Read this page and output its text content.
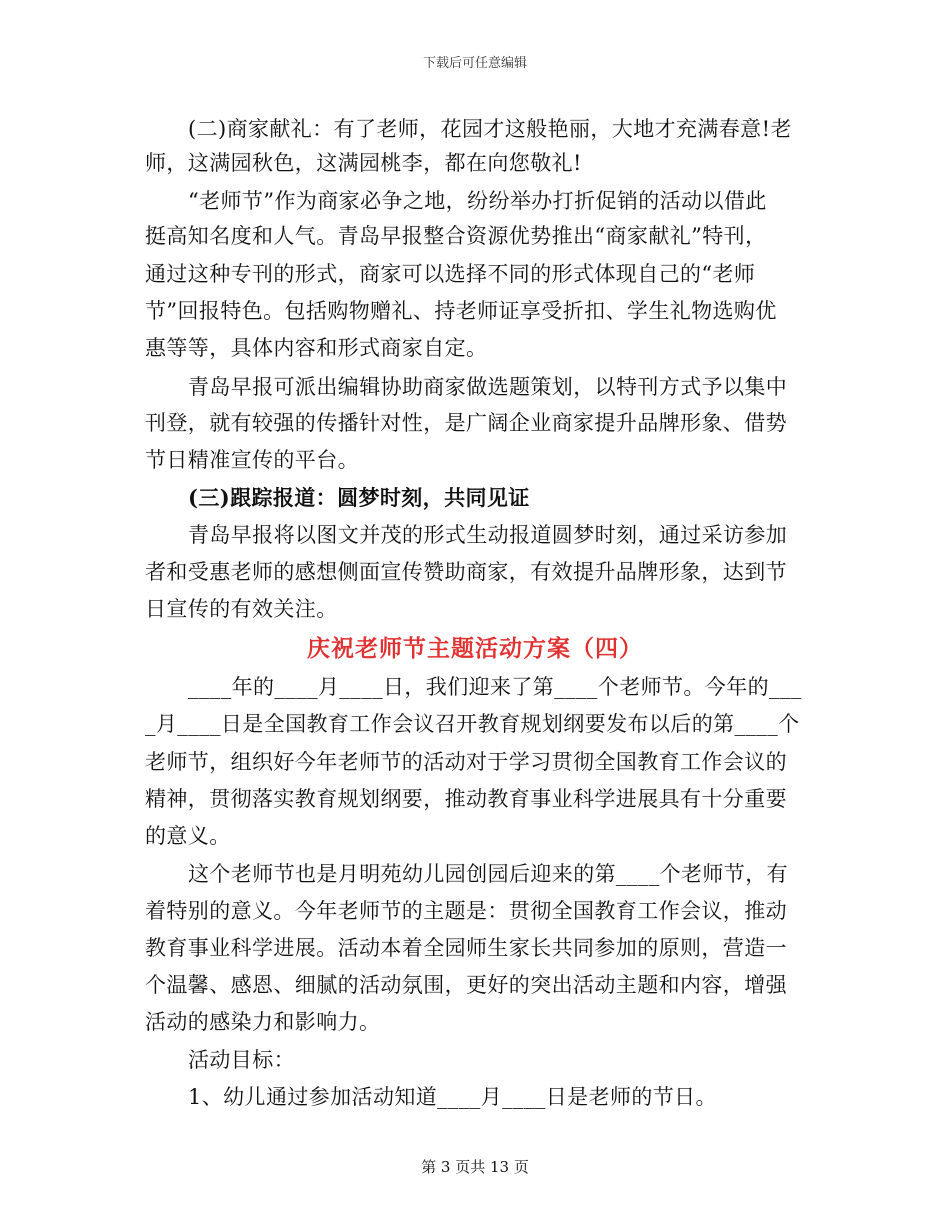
下载后可任意编辑
(二)商家献礼：有了老师，花园才这般艳丽，大地才充满春意!老
师，这满园秋色，这满园桃李，都在向您敬礼!
“老师节”作为商家必争之地，纷纷举办打折促销的活动以借此
挺高知名度和人气。青岛早报整合资源优势推出“商家献礼”特刊，
通过这种专刊的形式，商家可以选择不同的形式体现自己的“老师
节”回报特色。包括购物赠礼、持老师证享受折扣、学生礼物选购优
惠等等，具体内容和形式商家自定。
青岛早报可派出编辑协助商家做选题策划，以特刊方式予以集中
刊登，就有较强的传播针对性，是广阔企业商家提升品牌形象、借势
节日精准宣传的平台。
(三)跟踪报道：圆梦时刻，共同见证
青岛早报将以图文并茂的形式生动报道圆梦时刻，通过采访参加
者和受惠老师的感想侧面宣传赞助商家，有效提升品牌形象，达到节
日宣传的有效关注。
庆祝老师节主题活动方案（四）
____年的____月____日，我们迎来了第____个老师节。今年的___
_月____日是全国教育工作会议召开教育规划纲要发布以后的第____个
老师节，组织好今年老师节的活动对于学习贯彻全国教育工作会议的
精神，贯彻落实教育规划纲要，推动教育事业科学进展具有十分重要
的意义。
这个老师节也是月明苑幼儿园创园后迎来的第____个老师节，有
着特别的意义。今年老师节的主题是：贯彻全国教育工作会议，推动
教育事业科学进展。活动本着全园师生家长共同参加的原则，营造一
个温馨、感恩、细腻的活动氛围，更好的突出活动主题和内容，增强
活动的感染力和影响力。
活动目标：
1、幼儿通过参加活动知道____月____日是老师的节日。
第 3 页共 13 页
